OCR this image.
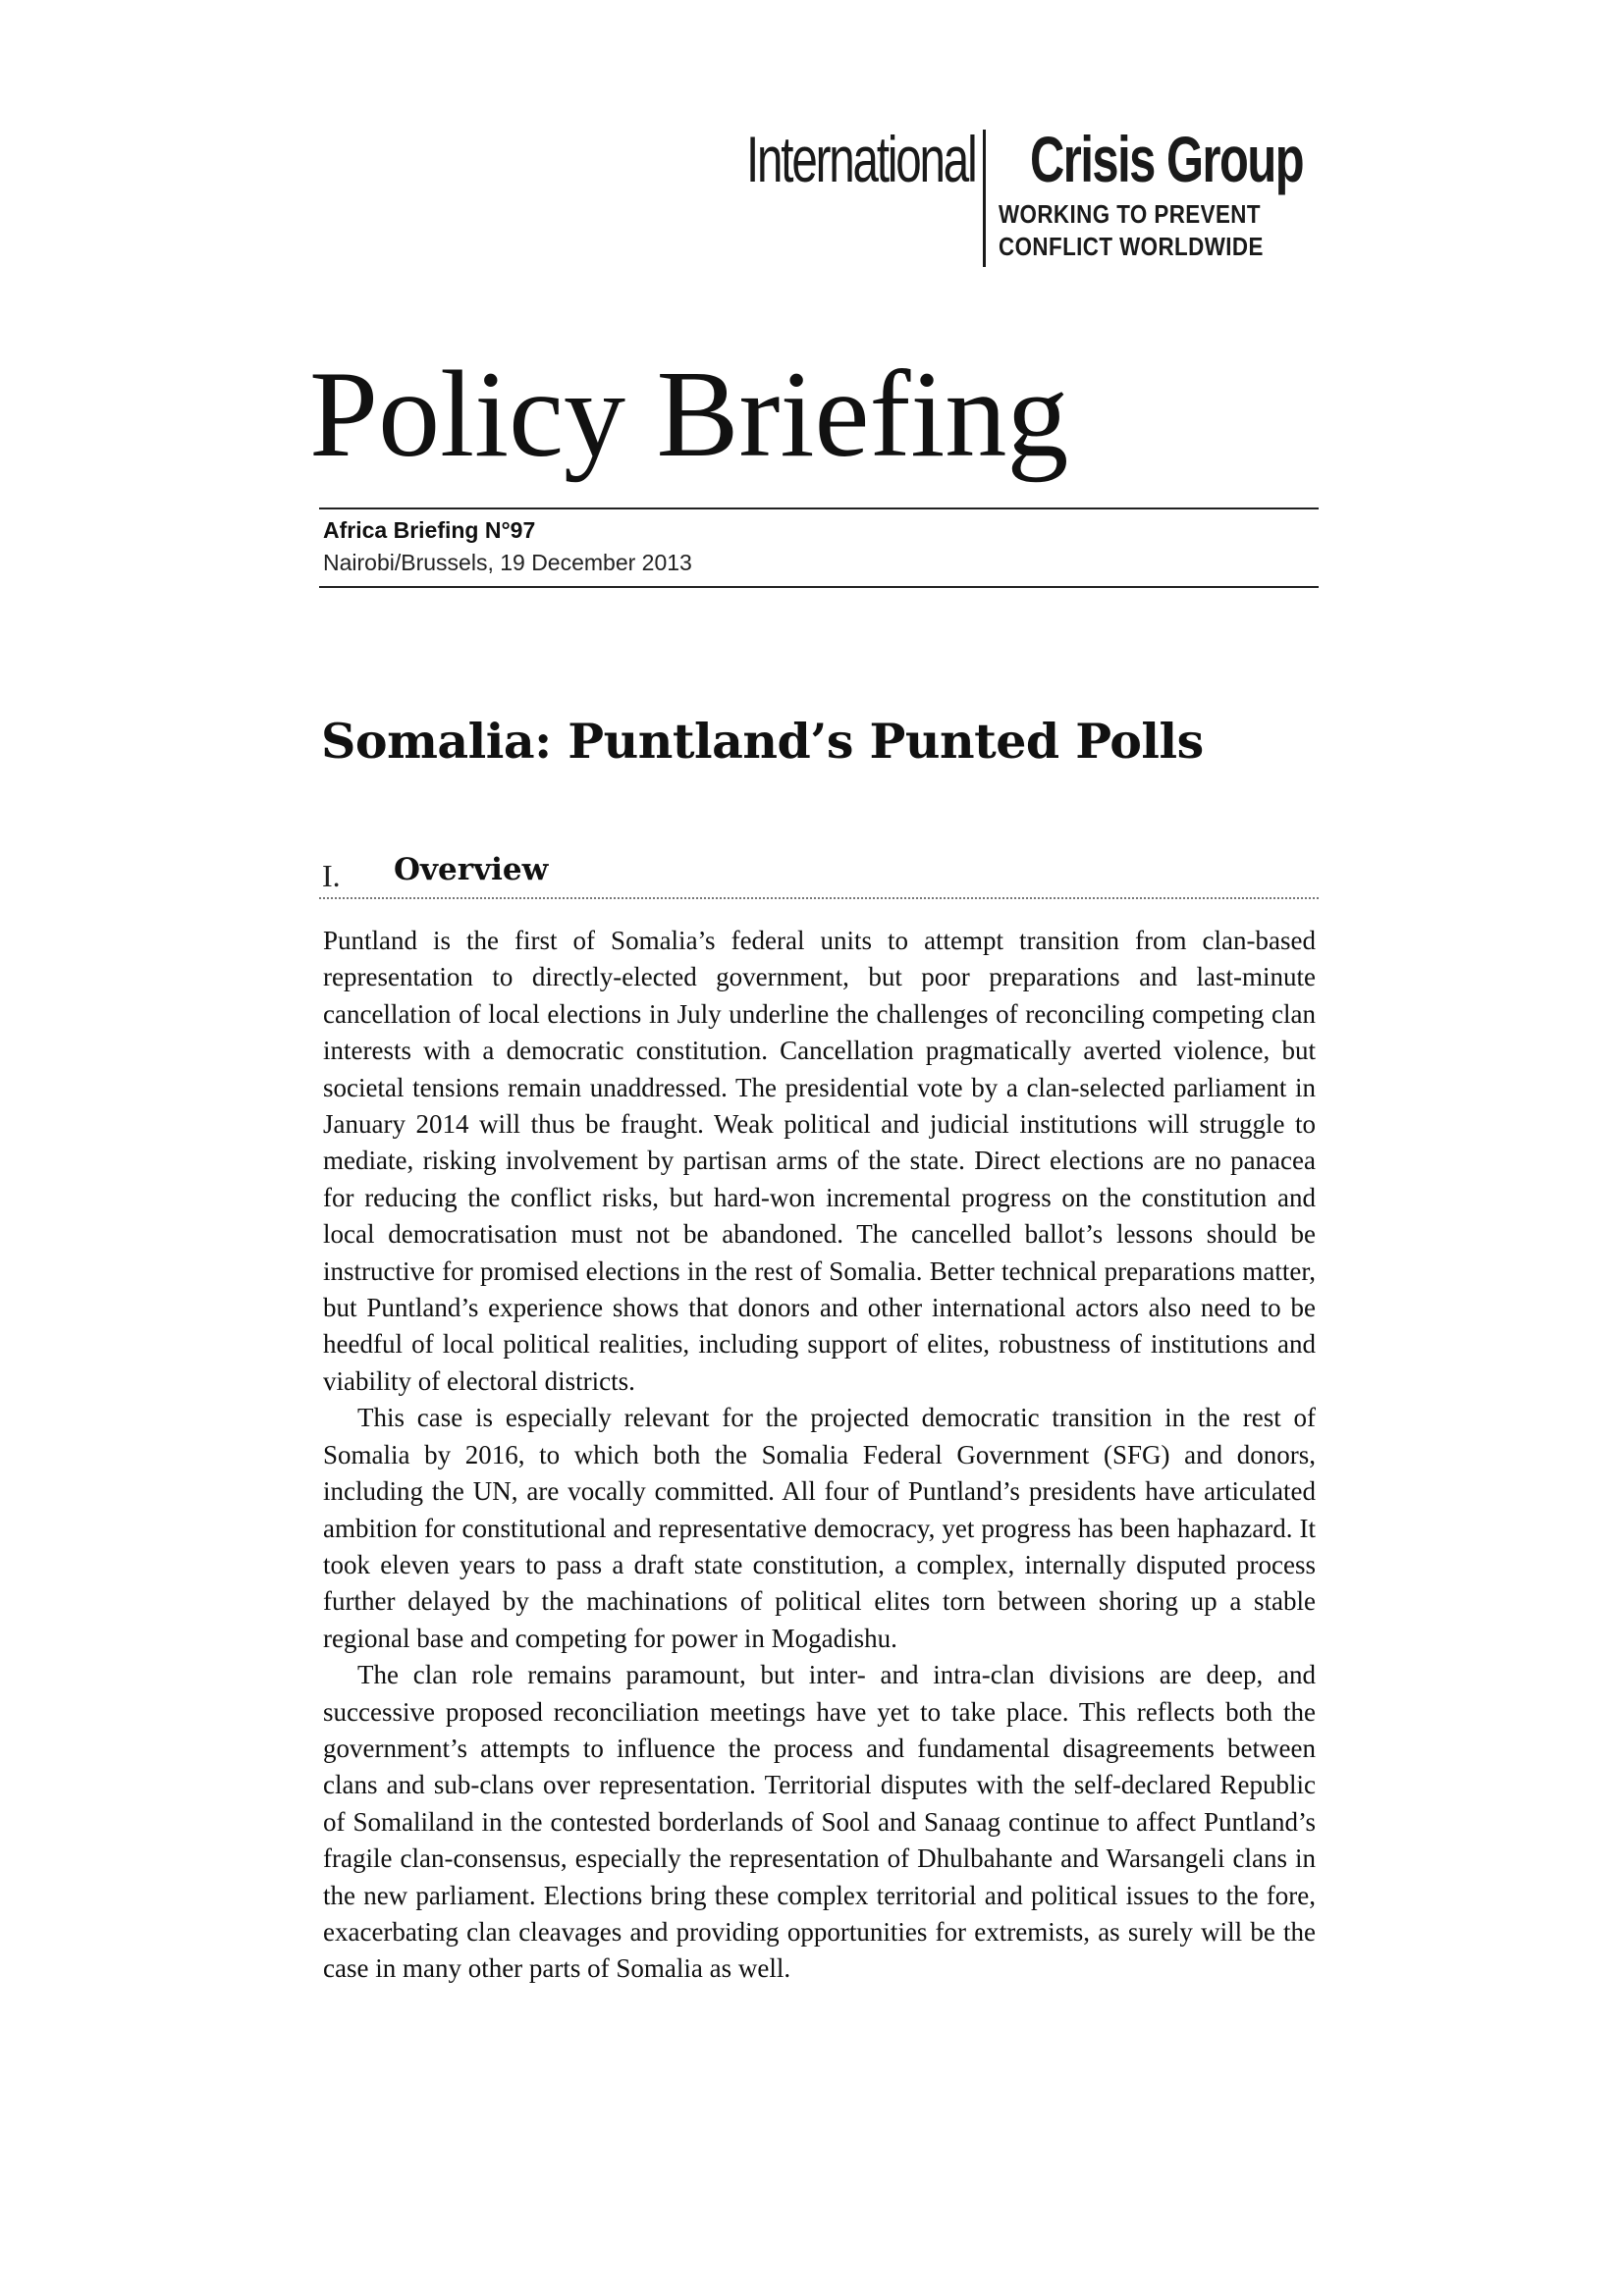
International Crisis Group
WORKING TO PREVENT
CONFLICT WORLDWIDE
Policy Briefing
Africa Briefing N°97
Nairobi/Brussels, 19 December 2013
Somalia: Puntland’s Punted Polls
I. Overview

Puntland is the first of Somalia’s federal units to attempt transition from clan-based representation to directly-elected government, but poor preparations and last-minute cancellation of local elections in July underline the challenges of reconciling competing clan interests with a democratic constitution. Cancellation pragmatically averted violence, but societal tensions remain unaddressed. The presidential vote by a clan-selected parliament in January 2014 will thus be fraught. Weak political and judicial institutions will struggle to mediate, risking involvement by partisan arms of the state. Direct elections are no panacea for reducing the conflict risks, but hard-won incremental progress on the constitution and local democratisation must not be abandoned. The cancelled ballot’s lessons should be instructive for promised elections in the rest of Somalia. Better technical preparations matter, but Puntland’s experience shows that donors and other international actors also need to be heedful of local political realities, including support of elites, robustness of institutions and viability of electoral districts.

This case is especially relevant for the projected democratic transition in the rest of Somalia by 2016, to which both the Somalia Federal Government (SFG) and donors, including the UN, are vocally committed. All four of Puntland’s presidents have articulated ambition for constitutional and representative democracy, yet progress has been haphazard. It took eleven years to pass a draft state constitution, a complex, internally disputed process further delayed by the machinations of political elites torn between shoring up a stable regional base and competing for power in Mogadishu.

The clan role remains paramount, but inter- and intra-clan divisions are deep, and successive proposed reconciliation meetings have yet to take place. This reflects both the government’s attempts to influence the process and fundamental disagreements between clans and sub-clans over representation. Territorial disputes with the self-declared Republic of Somaliland in the contested borderlands of Sool and Sanaag continue to affect Puntland’s fragile clan-consensus, especially the representation of Dhulbahante and Warsangeli clans in the new parliament. Elections bring these complex territorial and political issues to the fore, exacerbating clan cleavages and providing opportunities for extremists, as surely will be the case in many other parts of Somalia as well.
